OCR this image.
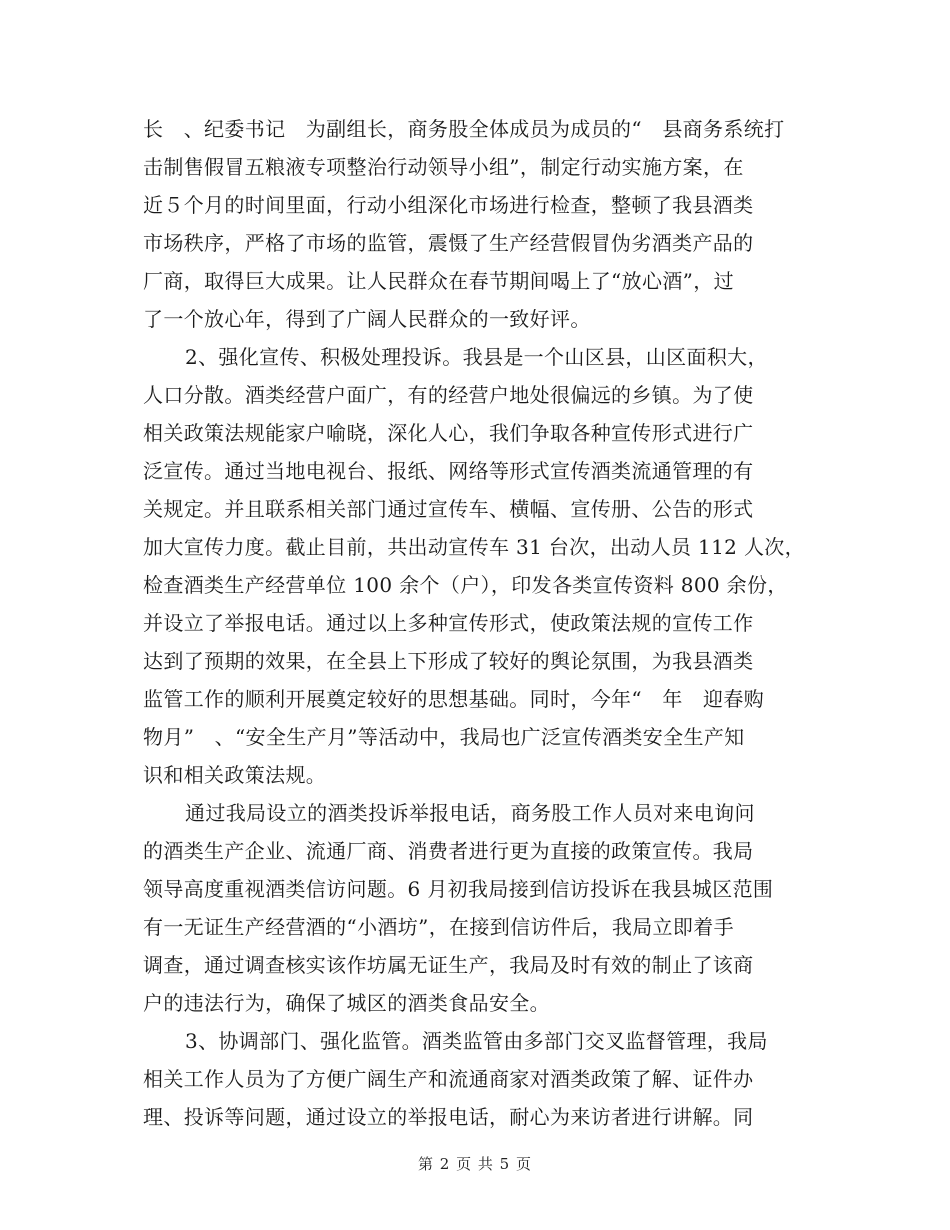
长　、纪委书记　为副组长，商务股全体成员为成员的“　县商务系统打
击制售假冒五粮液专项整治行动领导小组”，制定行动实施方案，在
近５个月的时间里面，行动小组深化市场进行检查，整顿了我县酒类
市场秩序，严格了市场的监管，震慑了生产经营假冒伪劣酒类产品的
厂商，取得巨大成果。让人民群众在春节期间喝上了“放心酒”，过
了一个放心年，得到了广阔人民群众的一致好评。
2、强化宣传、积极处理投诉。我县是一个山区县，山区面积大，
人口分散。酒类经营户面广，有的经营户地处很偏远的乡镇。为了使
相关政策法规能家户喻晓，深化人心，我们争取各种宣传形式进行广
泛宣传。通过当地电视台、报纸、网络等形式宣传酒类流通管理的有
关规定。并且联系相关部门通过宣传车、横幅、宣传册、公告的形式
加大宣传力度。截止目前，共出动宣传车 31 台次，出动人员 112 人次，
检查酒类生产经营单位 100 余个（户），印发各类宣传资料 800 余份，
并设立了举报电话。通过以上多种宣传形式，使政策法规的宣传工作
达到了预期的效果，在全县上下形成了较好的舆论氛围，为我县酒类
监管工作的顺利开展奠定较好的思想基础。同时，今年“　年　迎春购
物月”　、“安全生产月”等活动中，我局也广泛宣传酒类安全生产知
识和相关政策法规。
通过我局设立的酒类投诉举报电话，商务股工作人员对来电询问
的酒类生产企业、流通厂商、消费者进行更为直接的政策宣传。我局
领导高度重视酒类信访问题。6 月初我局接到信访投诉在我县城区范围
有一无证生产经营酒的“小酒坊”，在接到信访件后，我局立即着手
调查，通过调查核实该作坊属无证生产，我局及时有效的制止了该商
户的违法行为，确保了城区的酒类食品安全。
3、协调部门、强化监管。酒类监管由多部门交叉监督管理，我局
相关工作人员为了方便广阔生产和流通商家对酒类政策了解、证件办
理、投诉等问题，通过设立的举报电话，耐心为来访者进行讲解。同
第 2 页 共 5 页
